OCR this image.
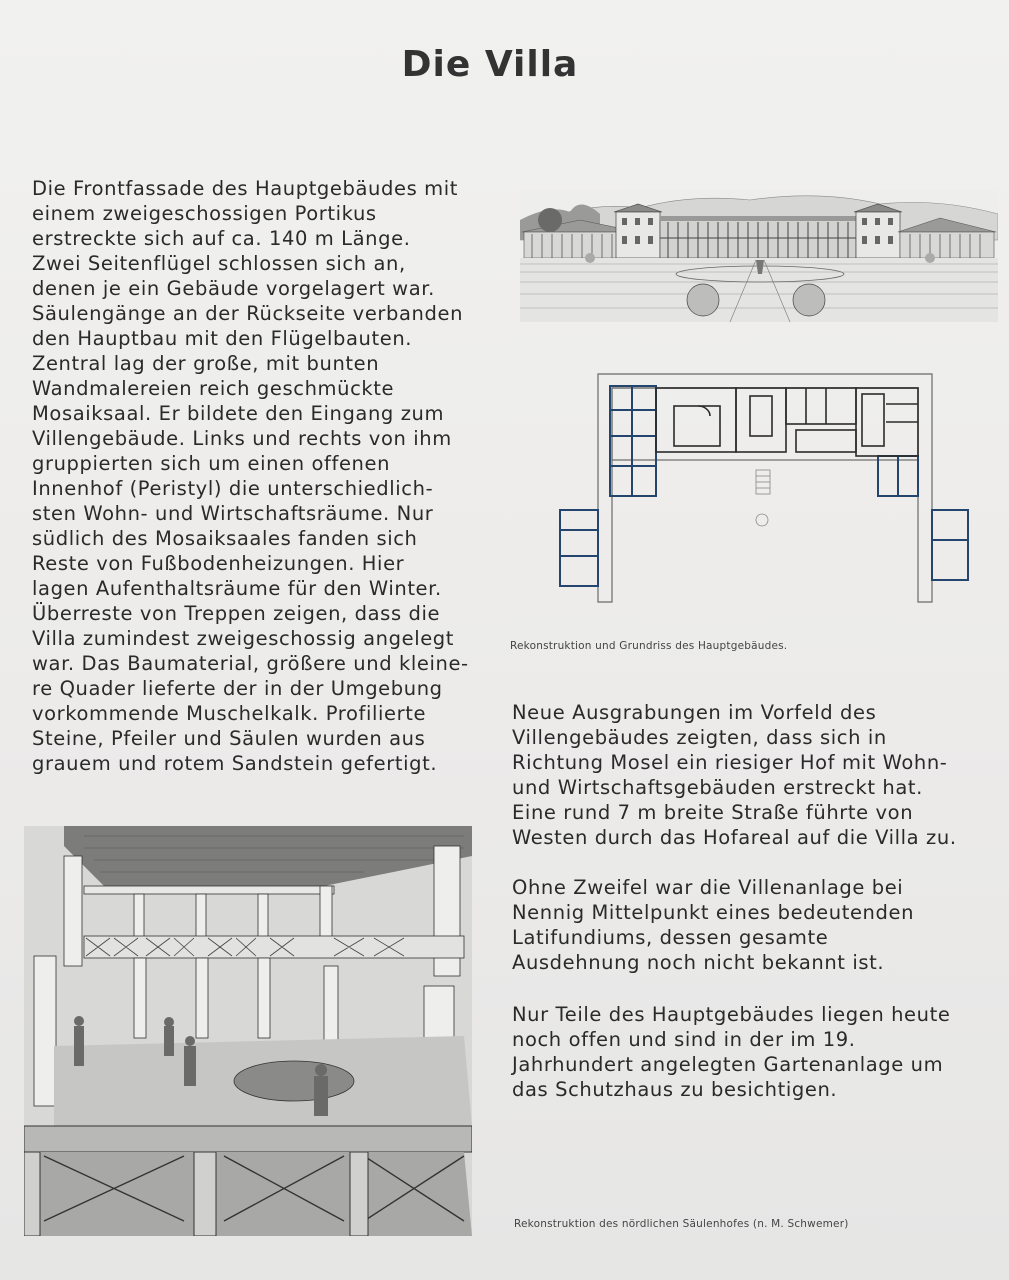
Die Villa
Die Frontfassade des Hauptgebäudes mit
einem zweigeschossigen Portikus
erstreckte sich auf ca. 140 m Länge.
Zwei Seitenflügel schlossen sich an,
denen je ein Gebäude vorgelagert war.
Säulengänge an der Rückseite verbanden
den Hauptbau mit den Flügelbauten.
Zentral lag der große, mit bunten
Wandmalereien reich geschmückte
Mosaiksaal. Er bildete den Eingang zum
Villengebäude. Links und rechts von ihm
gruppierten sich um einen offenen
Innenhof (Peristyl) die unterschiedlich-
sten Wohn- und Wirtschaftsräume. Nur
südlich des Mosaiksaales fanden sich
Reste von Fußbodenheizungen. Hier
lagen Aufenthaltsräume für den Winter.
Überreste von Treppen zeigen, dass die
Villa zumindest zweigeschossig angelegt
war. Das Baumaterial, größere und kleine-
re Quader lieferte der in der Umgebung
vorkommende Muschelkalk. Profilierte
Steine, Pfeiler und Säulen wurden aus
grauem und rotem Sandstein gefertigt.
Rekonstruktion und Grundriss des Hauptgebäudes.
Neue Ausgrabungen im Vorfeld des
Villengebäudes zeigten, dass sich in
Richtung Mosel ein riesiger Hof mit Wohn-
und Wirtschaftsgebäuden erstreckt hat.
Eine rund 7 m breite Straße führte von
Westen durch das Hofareal auf die Villa zu.
Ohne Zweifel war die Villenanlage bei
Nennig Mittelpunkt eines bedeutenden
Latifundiums, dessen gesamte
Ausdehnung noch nicht bekannt ist.
Nur Teile des Hauptgebäudes liegen heute
noch offen und sind in der im 19.
Jahrhundert angelegten Gartenanlage um
das Schutzhaus zu besichtigen.
Rekonstruktion des nördlichen Säulenhofes (n. M. Schwemer)
